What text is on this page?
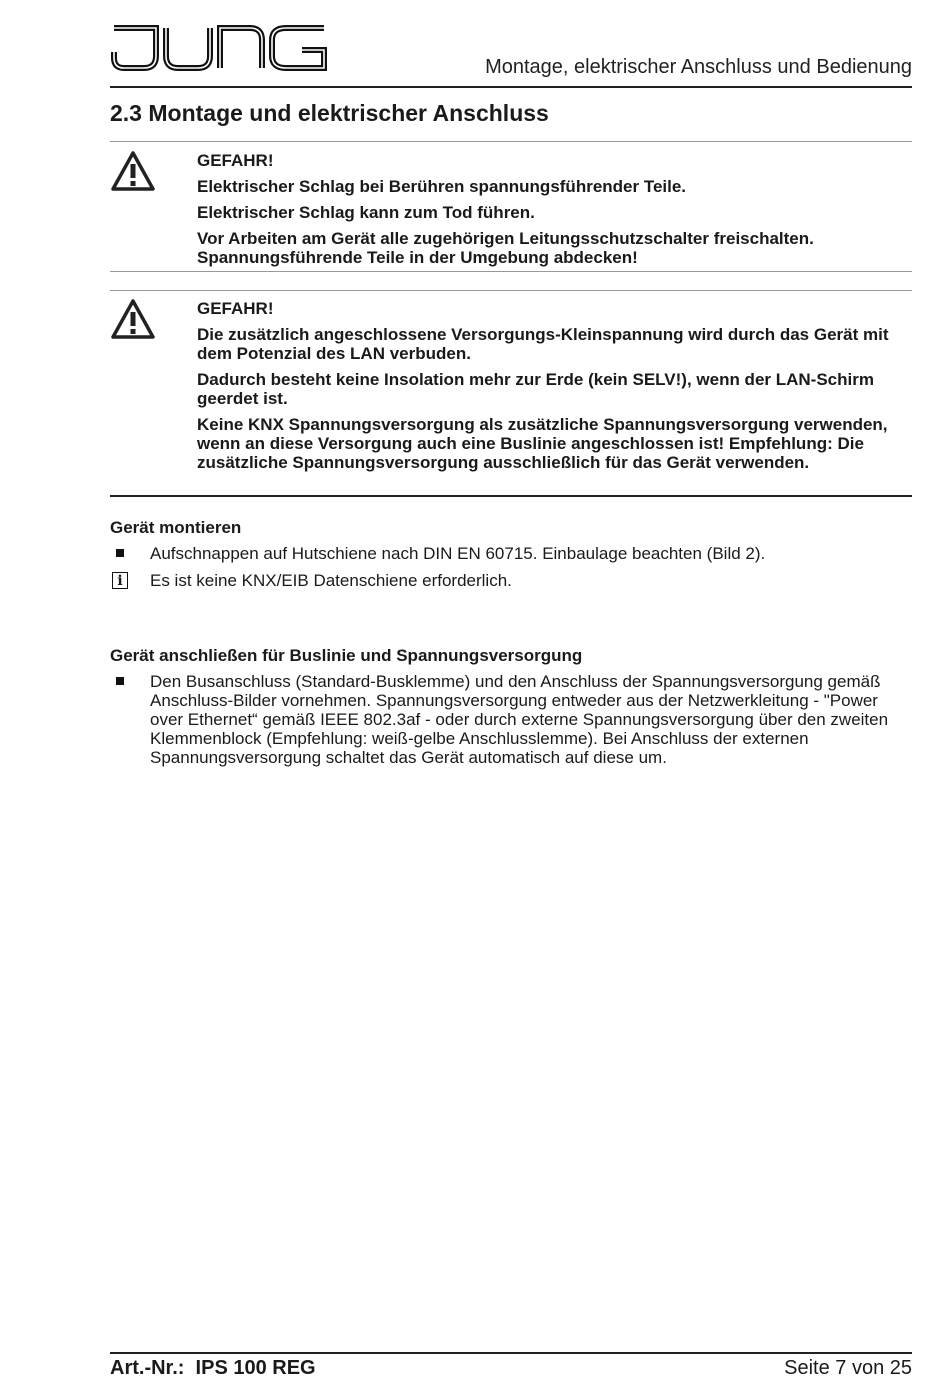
Montage, elektrischer Anschluss und Bedienung
2.3 Montage und elektrischer Anschluss

GEFAHR!

Elektrischer Schlag bei Berühren spannungsführender Teile.

Elektrischer Schlag kann zum Tod führen.

Vor Arbeiten am Gerät alle zugehörigen Leitungsschutzschalter freischalten. Spannungsführende Teile in der Umgebung abdecken!

GEFAHR!

Die zusätzlich angeschlossene Versorgungs-Kleinspannung wird durch das Gerät mit dem Potenzial des LAN verbuden.

Dadurch besteht keine Insolation mehr zur Erde (kein SELV!), wenn der LAN-Schirm geerdet ist.

Keine KNX Spannungsversorgung als zusätzliche Spannungsversorgung verwenden, wenn an diese Versorgung auch eine Buslinie angeschlossen ist! Empfehlung: Die zusätzliche Spannungsversorgung ausschließlich für das Gerät verwenden.

Gerät montieren
Aufschnappen auf Hutschiene nach DIN EN 60715. Einbaulage beachten (Bild 2).
i	Es ist keine KNX/EIB Datenschiene erforderlich.
Gerät anschließen für Buslinie und Spannungsversorgung
Den Busanschluss (Standard-Busklemme) und den Anschluss der Spannungsversorgung gemäß Anschluss-Bilder vornehmen. Spannungsversorgung entweder aus der Netzwerkleitung - "Power over Ethernet“ gemäß IEEE 802.3af - oder durch externe Spannungsversorgung über den zweiten Klemmenblock (Empfehlung: weiß-gelbe Anschlusslemme). Bei Anschluss der externen Spannungsversorgung schaltet das Gerät automatisch auf diese um.
Art.-Nr.:  IPS 100 REG	Seite 7 von 25
